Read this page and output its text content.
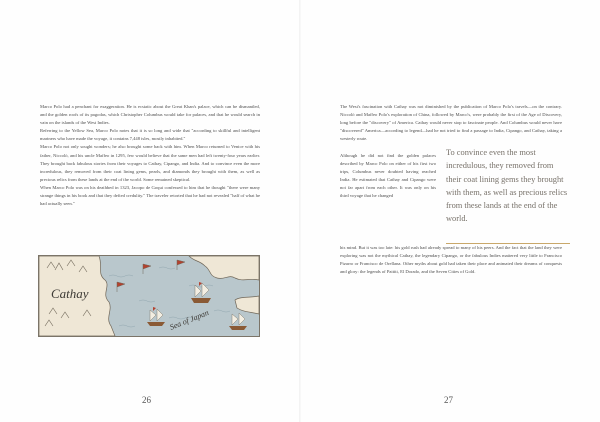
Marco Polo had a penchant for exaggeration. He is ecstatic about the Great Khan's palace, which can be dismantled, and the golden roofs of its pagodas, which Christopher Columbus would take for palaces, and that he would search in vain on the islands of the West Indies.

Referring to the Yellow Sea, Marco Polo notes that it is so long and wide that "according to skillful and intelligent mariners who have made the voyage, it contains 7,448 isles, mostly inhabited."

Marco Polo not only sought wonders; he also brought some back with him. When Marco returned to Venice with his father, Niccolò, and his uncle Maffeo in 1295, few would believe that the same men had left twenty-four years earlier. They brought back fabulous stories from their voyages to Cathay, Cipango, and India. And to convince even the more incredulous, they removed from their coat lining gems, pearls, and diamonds they brought with them, as well as precious relics from these lands at the end of the world. Some remained skeptical.

When Marco Polo was on his deathbed in 1323, Jacopo de Goqui confessed to him that he thought "there were many strange things in his book and that they defied credulity." The traveler retorted that he had not revealed "half of what he had actually seen."

Cathay
Sea of Japan
26

The West's fascination with Cathay was not diminished by the publication of Marco Polo's travels—on the contrary. Niccolò and Maffeo Polo's exploration of China, followed by Marco's, were probably the first of the Age of Discovery, long before the "discovery" of America. Cathay would never stop to fascinate people. And Columbus would never have "discovered" America—according to legend—had he not tried to find a passage to India, Cipango, and Cathay, taking a westerly route.

Although he did not find the golden palaces described by Marco Polo on either of his first two trips, Columbus never doubted having reached India. He estimated that Cathay and Cipango were not far apart from each other. It was only on his third voyage that he changed

To convince even the most incredulous, they removed from their coat lining gems they brought with them, as well as precious relics from these lands at the end of the world.

his mind. But it was too late: his gold rush had already spread to many of his peers. And the fact that the land they were exploring was not the mythical Cathay, the legendary Cipango, or the fabulous Indies mattered very little to Francisco Pizarro or Francisco de Orellana. Other myths about gold had taken their place and animated their dreams of conquests and glory: the legends of Paititi, El Dorado, and the Seven Cities of Gold.

27
